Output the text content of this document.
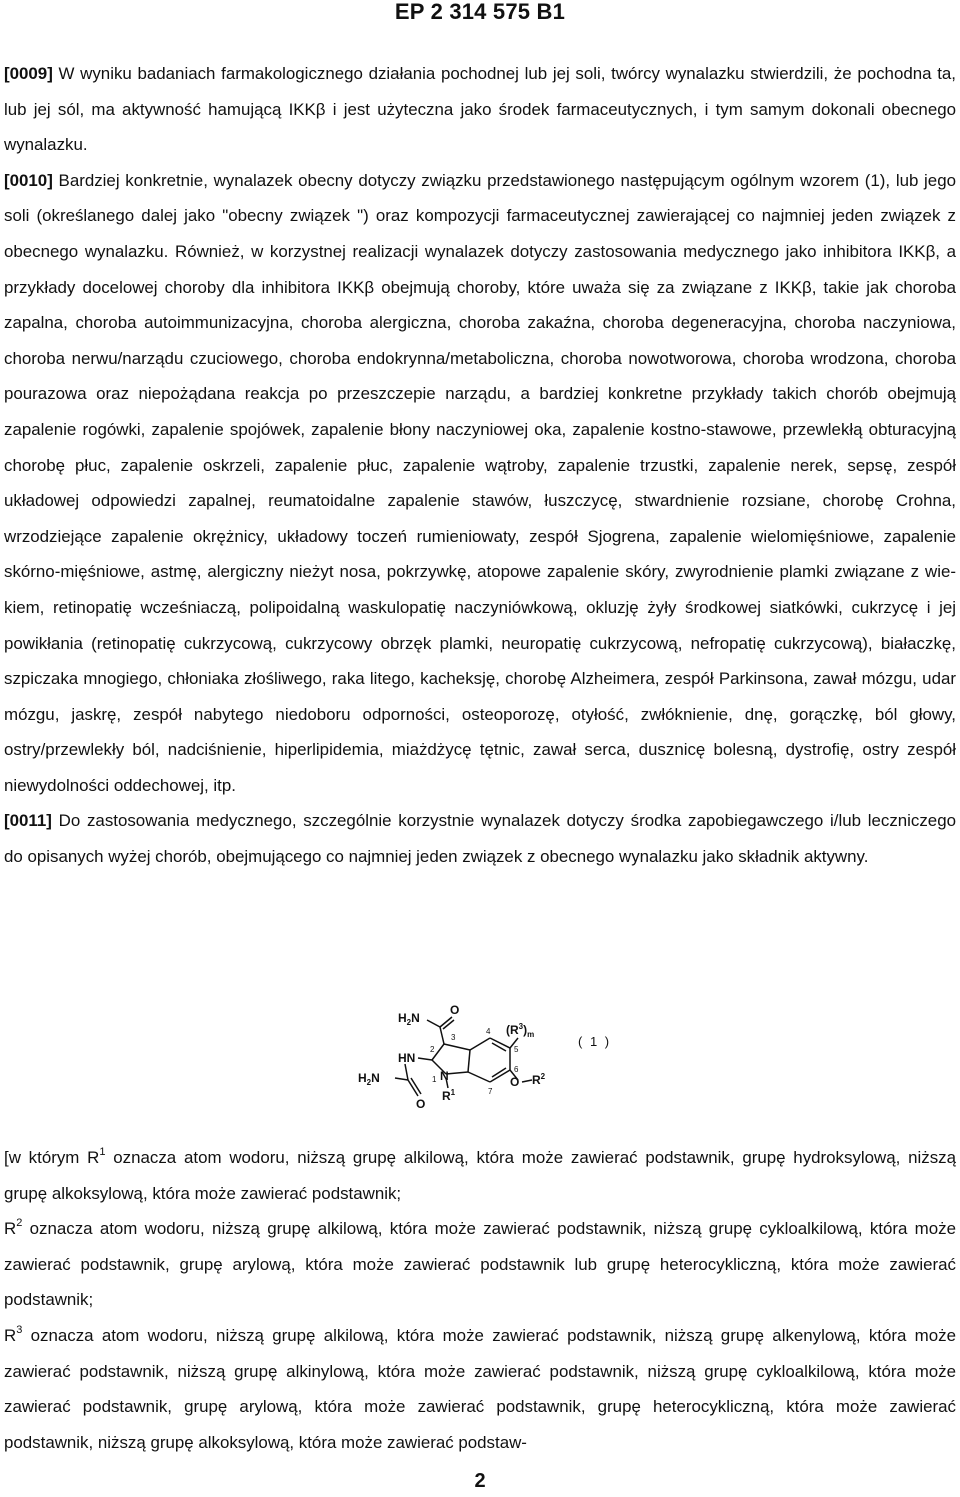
EP 2 314 575 B1

[0009] W wyniku badaniach farmakologicznego działania pochodnej lub jej soli, twórcy wynalazku stwierdzili, że pochodna ta, lub jej sól, ma aktywność hamującą IKKβ i jest użyteczna jako środek farmaceutycznych, i tym samym dokonali obecnego wynalazku.

[0010] Bardziej konkretnie, wynalazek obecny dotyczy związku przedstawionego następującym ogólnym wzorem (1), lub jego soli (określanego dalej jako "obecny związek ") oraz kompozycji farmaceutycznej zawierającej co najmniej jeden związek z obecnego wynalazku. Również, w korzystnej realizacji wynalazek dotyczy zastosowania medycznego jako inhibitora IKKβ, a przykłady docelowej choroby dla inhibitora IKKβ obejmują choroby, które uważa się za związane z IKKβ, takie jak choroba zapalna, choroba autoimmunizacyjna, choroba alergiczna, choroba zakaźna, choroba degeneracyjna, choroba naczyniowa, choroba nerwu/narządu czuciowego, choroba endokrynna/metaboliczna, choroba nowotworowa, choroba wrodzona, choroba pourazowa oraz niepożądana reakcja po przeszczepie narządu, a bardziej konkretne przykłady takich chorób obejmują zapalenie rogówki, zapalenie spojówek, zapalenie błony naczyniowej oka, zapalenie kostno-stawowe, przewlekłą obturacyjną chorobę płuc, zapalenie oskrzeli, zapalenie płuc, zapalenie wątroby, zapalenie trzustki, zapalenie nerek, sepsę, zespół układowej odpowiedzi zapalnej, reumatoidalne zapalenie stawów, łuszczycę, stwardnienie rozsiane, chorobę Crohna, wrzodziejące zapalenie okrężnicy, układowy toczeń rumieniowaty, zespół Sjogrena, zapalenie wielomięśniowe, zapalenie skórno-mięśniowe, astmę, alergiczny nieżyt nosa, pokrzywkę, atopowe zapalenie skóry, zwyrodnienie plamki związane z wiekiem, retinopatię wcześniaczą, polipoidalną waskulopatię naczyniówkową, okluzję żyły środkowej siatkówki, cukrzycę i jej powikłania (retinopatię cukrzycową, cukrzycowy obrzęk plamki, neuropatię cukrzycową, nefropatię cukrzycową), białaczkę, szpiczaka mnogiego, chłoniaka złośliwego, raka litego, kacheksję, chorobę Alzheimera, zespół Parkinsona, zawał mózgu, udar mózgu, jaskrę, zespół nabytego niedoboru odporności, osteoporozę, otyłość, zwłóknienie, dnę, gorączkę, ból głowy, ostry/przewlekły ból, nadciśnienie, hiperlipidemia, miażdżycę tętnic, zawał serca, dusznicę bolesną, dystrofię, ostry zespół niewydolności oddechowej, itp.

[0011] Do zastosowania medycznego, szczególnie korzystnie wynalazek dotyczy środka zapobiegawczego i/lub leczniczego do opisanych wyżej chorób, obejmującego co najmniej jeden związek z obecnego wynalazku jako składnik aktywny.

$H_2N$
O
HN
$H_2N$
O
N
$R^1$
O $R^2$
$(R^3)_m$
1
2
3
4
5
6
7
( 1 )

[w którym $R^1$ oznacza atom wodoru, niższą grupę alkilową, która może zawierać podstawnik, grupę hydroksylową, niższą grupę alkoksylową, która może zawierać podstawnik;

$R^2$ oznacza atom wodoru, niższą grupę alkilową, która może zawierać podstawnik, niższą grupę cykloalkilową, która może zawierać podstawnik, grupę arylową, która może zawierać podstawnik lub grupę heterocykliczną, która może zawierać podstawnik;

$R^3$ oznacza atom wodoru, niższą grupę alkilową, która może zawierać podstawnik, niższą grupę alkenylową, która może zawierać podstawnik, niższą grupę alkinylową, która może zawierać podstawnik, niższą grupę cykloalkilową, która może zawierać podstawnik, grupę arylową, która może zawierać podstawnik, grupę heterocykliczną, która może zawierać podstawnik, niższą grupę alkoksylową, która może zawierać podstaw-

2
